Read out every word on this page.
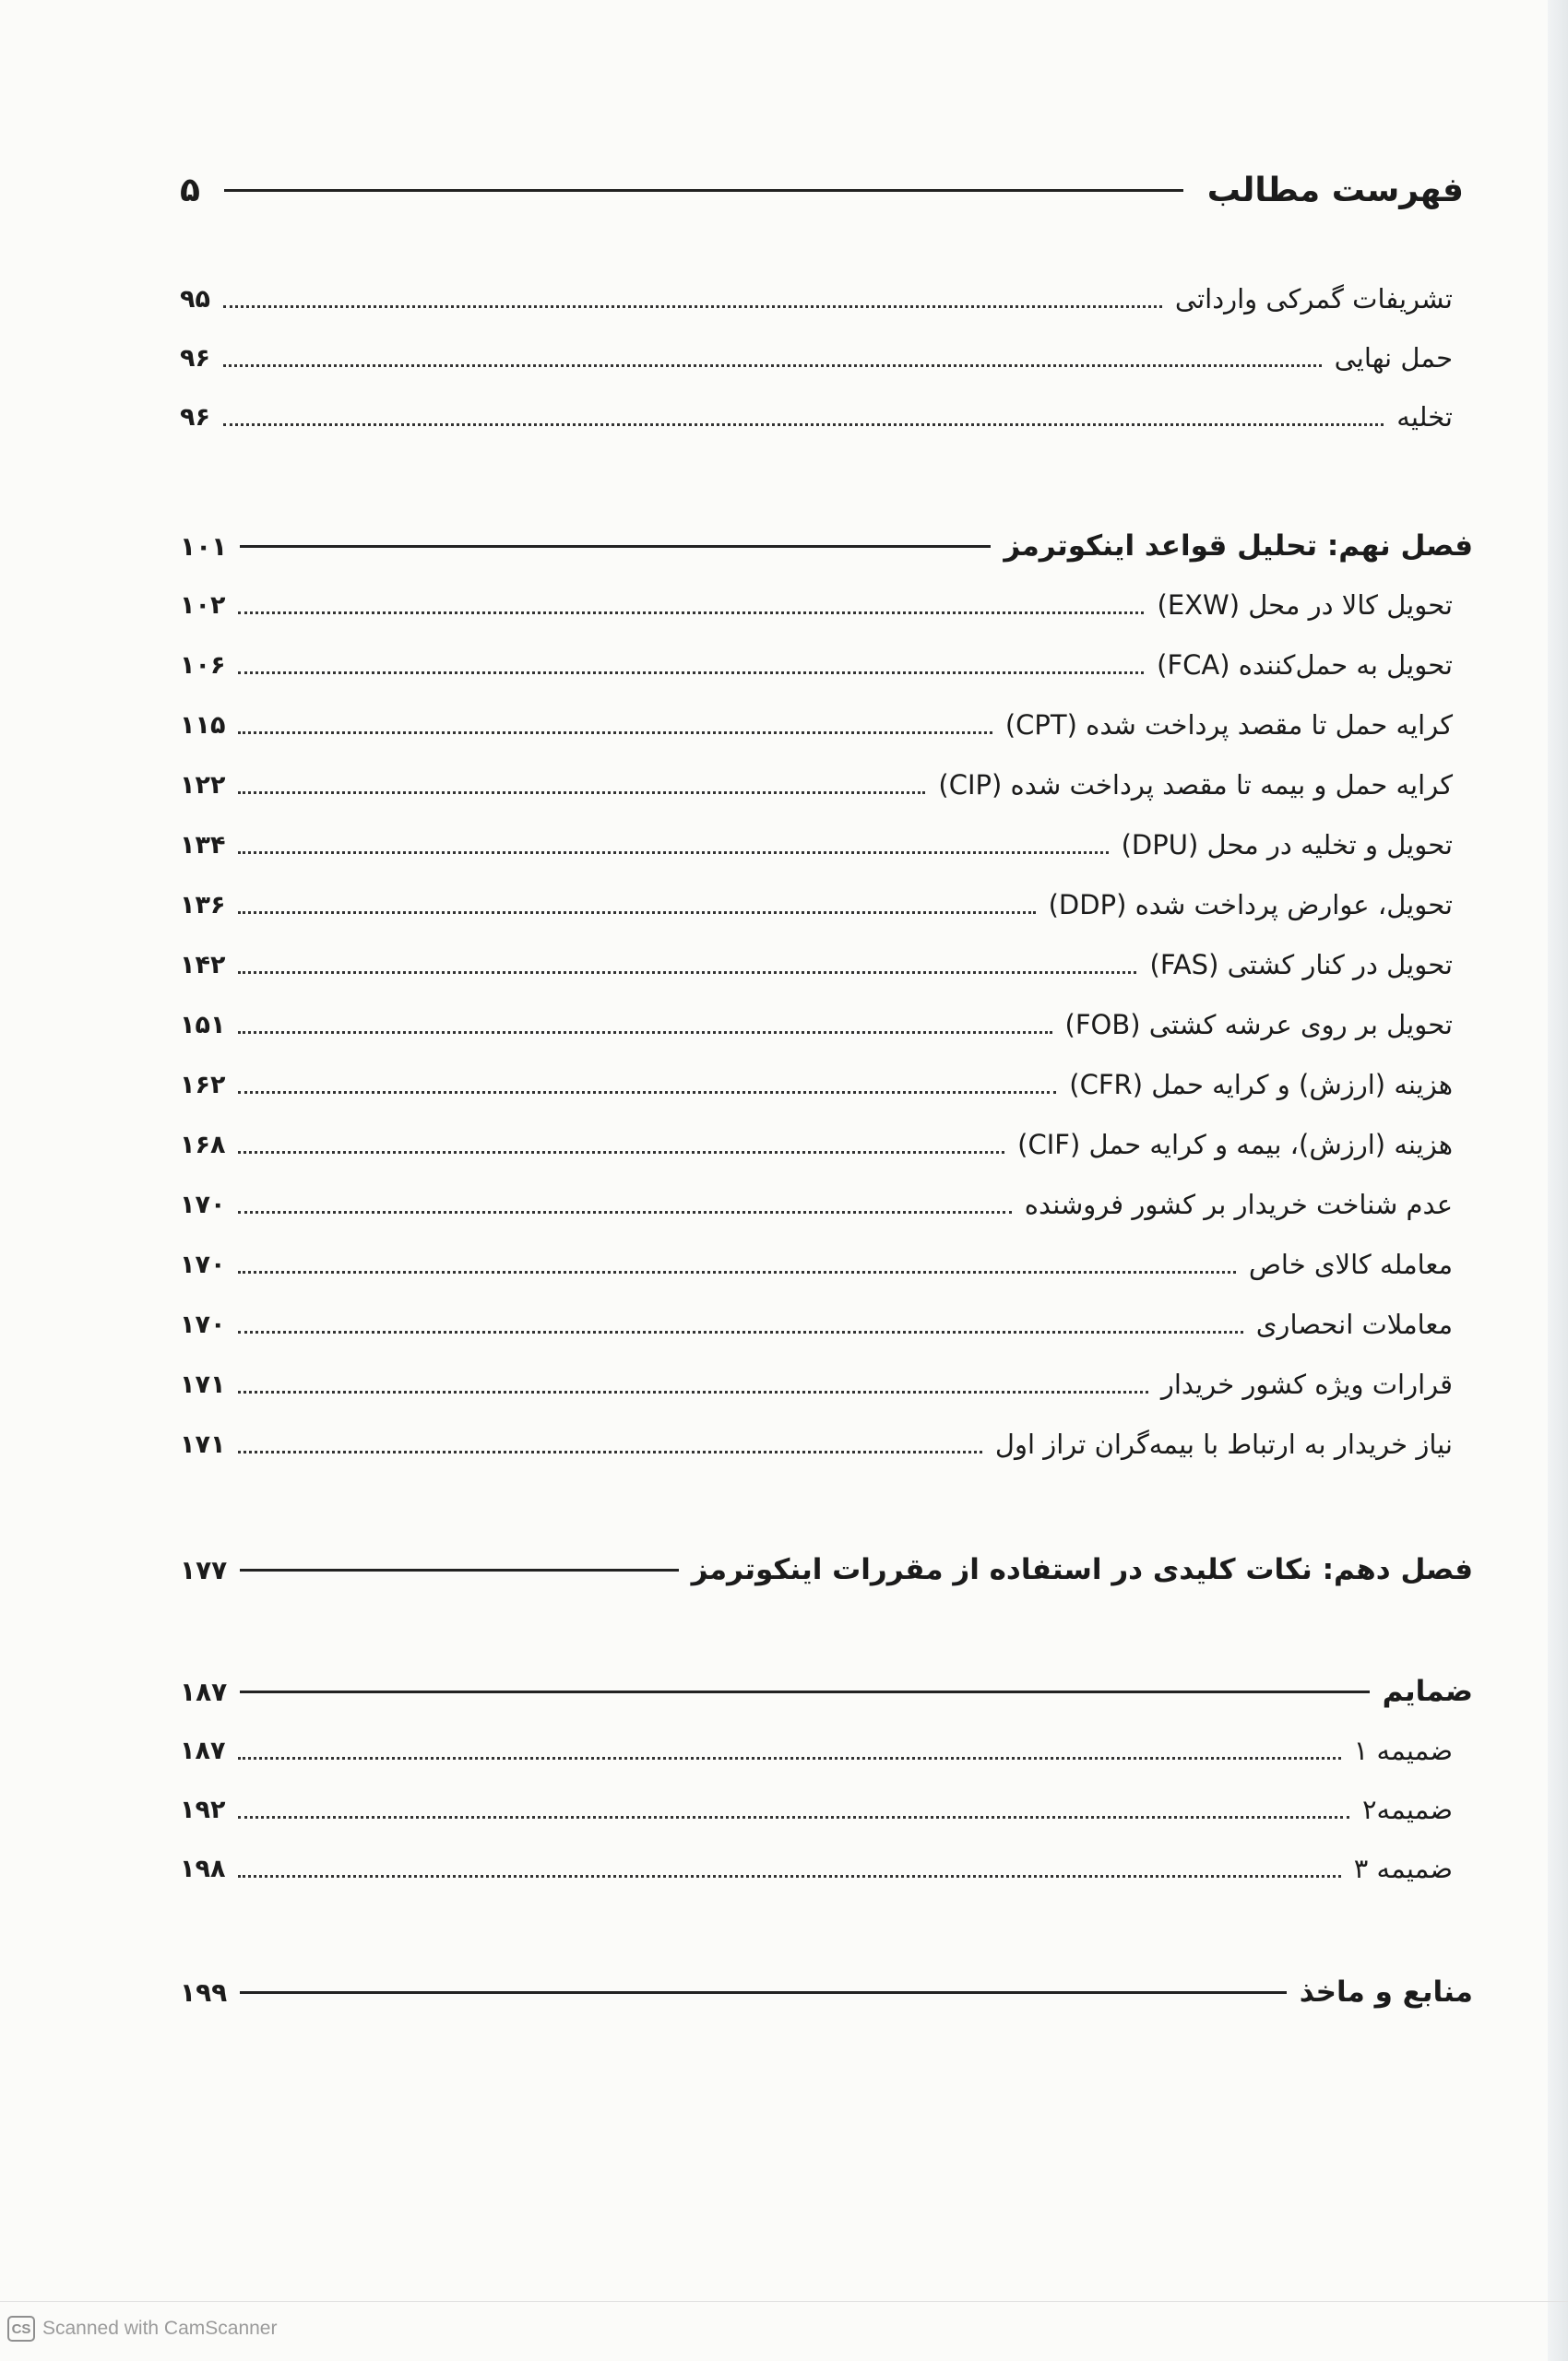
فهرست مطالب
۵
تشریفات گمرکی وارداتی
۹۵
حمل نهایی
۹۶
تخلیه
۹۶
فصل نهم: تحلیل قواعد اینکوترمز
۱۰۱
تحویل کالا در محل (EXW)
۱۰۲
تحویل به حمل‌کننده (FCA)
۱۰۶
کرایه حمل تا مقصد پرداخت شده (CPT)
۱۱۵
کرایه حمل و بیمه تا مقصد پرداخت شده (CIP)
۱۲۲
تحویل و تخلیه در محل (DPU)
۱۳۴
تحویل، عوارض پرداخت شده (DDP)
۱۳۶
تحویل در کنار کشتی (FAS)
۱۴۲
تحویل بر روی عرشه کشتی (FOB)
۱۵۱
هزینه (ارزش) و کرایه حمل (CFR)
۱۶۲
هزینه (ارزش)، بیمه و کرایه حمل (CIF)
۱۶۸
عدم شناخت خریدار بر کشور فروشنده
۱۷۰
معامله کالای خاص
۱۷۰
معاملات انحصاری
۱۷۰
قرارات ویژه کشور خریدار
۱۷۱
نیاز خریدار به ارتباط با بیمه‌گران تراز اول
۱۷۱
فصل دهم: نکات کلیدی در استفاده از مقررات اینکوترمز
۱۷۷
ضمایم
۱۸۷
ضمیمه ۱
۱۸۷
ضمیمه۲
۱۹۲
ضمیمه ۳
۱۹۸
منابع و ماخذ
۱۹۹
CS Scanned with CamScanner
